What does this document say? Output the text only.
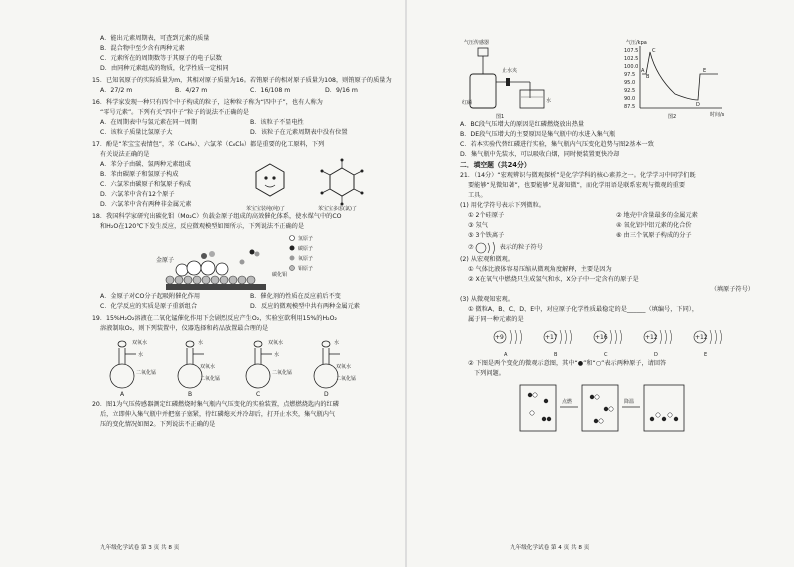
A．能出元素周期表，可查到元素的质量
B．混合物中至少含有两种元素
C．元素所在的周期数等于其原子的电子层数
D．由同种元素组成的物质，化学性质一定相同
15．已知氧原子的实际质量为m，其相对原子质量为16。若铕原子的相对原子质量为108，则铕原子的质量为
A．27/2 m	B．4/27 m	C．16/108 m	D．9/16 m
16．科学家发现一种只有四个中子构成的粒子，这种粒子称为“四中子”，也有人称为
“零号元素”。下列有关“四中子”粒子的说法不正确的是
A．在周期表中与氢元素在同一周期	B．该粒子不显电性
C．该粒子质量比氢原子大	D．该粒子在元素周期表中没有位置
17．酚是“苯宝宝表情包”，苯（C₆H₆）、六氯苯（C₆Cl₆）都是重要的化工原料，下列
有关说法正确的是
A．苯分子由碳、氢两种元素组成
B．苯由碳原子和氢原子构成
C．六氯苯由碳原子和氢原子构成
D．六氯苯中含有12个原子
D．六氯苯中含有两种非金属元素
苯宝宝装纯(纯)了	苯宝宝多虑(氯)了
18．我国科学家研究出碳化钼（Mo₂C）负载金原子组成的高效催化体系，使水煤气中的CO
和H₂O在120℃下发生反应，反应微观模型如图所示，下列说法不正确的是
金原子
碳化钼
氢原子
碳原子
氧原子
钼原子
A．金原子对CO分子起吸附催化作用	B．催化剂的性质在反应前后不变
C．化学反应的实质是原子重新组合	D．反应的微观模型中共有两种金属元素
19．15%H₂O₂溶液在二氧化锰催化作用下会剧烈反应产生O₂，实验室欲利用15%的H₂O₂
溶液制取O₂，则下列装置中，仪器选择和药品放置最合理的是
双氧水
水
二氧化锰
水
双氧水
二氧化锰
双氧水
水
二氧化锰
水
双氧水
二氧化锰
A	B	C	D
20．图1为气压传感器测定红磷燃烧时集气瓶内气压变化的实验装置，点燃燃烧匙内的红磷
后，立即伸入集气瓶中并把塞子塞紧，待红磷熄灭并冷却后，打开止水夹，集气瓶内气
压的变化情况如图2。下列说法不正确的是
九年级化学试卷 第 3 页 共 8 页
气压传感器
止水夹
红磷	水
图1
气压/kpa
时间/s
图2
107.5
102.5
100.0
97.5
95.0
92.5
90.0
87.5
A
B
C
D
E
A．BC段气压增大的原因是红磷燃烧放出热量
B．DE段气压增大的主要原因是集气瓶中的水进入集气瓶
C．若本实验代替红磷进行实验，集气瓶内气压变化趋势与图2基本一致
D．集气瓶中先装水，可以吸收白烟，同时便装置更快冷却
二．填空题（共24分）
21．（14分）“宏观辨识与微观探析”是化学学科的核心素养之一。化学学习中同学们既
要能够“见微知著”，也要能够“见著知微”，而化学用语是联系宏观与微观的重要
工具。
(1) 用化学符号表示下列微粒。
① 2个硅原子	② 地壳中含量最多的金属元素
③ 氖气	④ 氧化铝中铝元素的化合价
⑤ 3个铁离子	⑥ 由三个氧原子构成的分子
⑦	表示的粒子符号
(2) 从宏观和微观。
① 气体比液体容易压缩从微观角度解释，主要是因为
② X在氧气中燃烧只生成氢气和水，X分子中一定含有的原子是
（填原子符号）
(3) 从微观知宏观。
① 微粒A、B、C、D、E中，对应原子化学性质最稳定的是______（填编号，下同），
属于同一种元素的是
+9
A
+17
B
+16
C
+12
D
+12
E
② 下图是两个变化的微观示意图，其中“●”和“○”表示两种原子，请回答
下列问题。
点燃	降温
九年级化学试卷 第 4 页 共 8 页
